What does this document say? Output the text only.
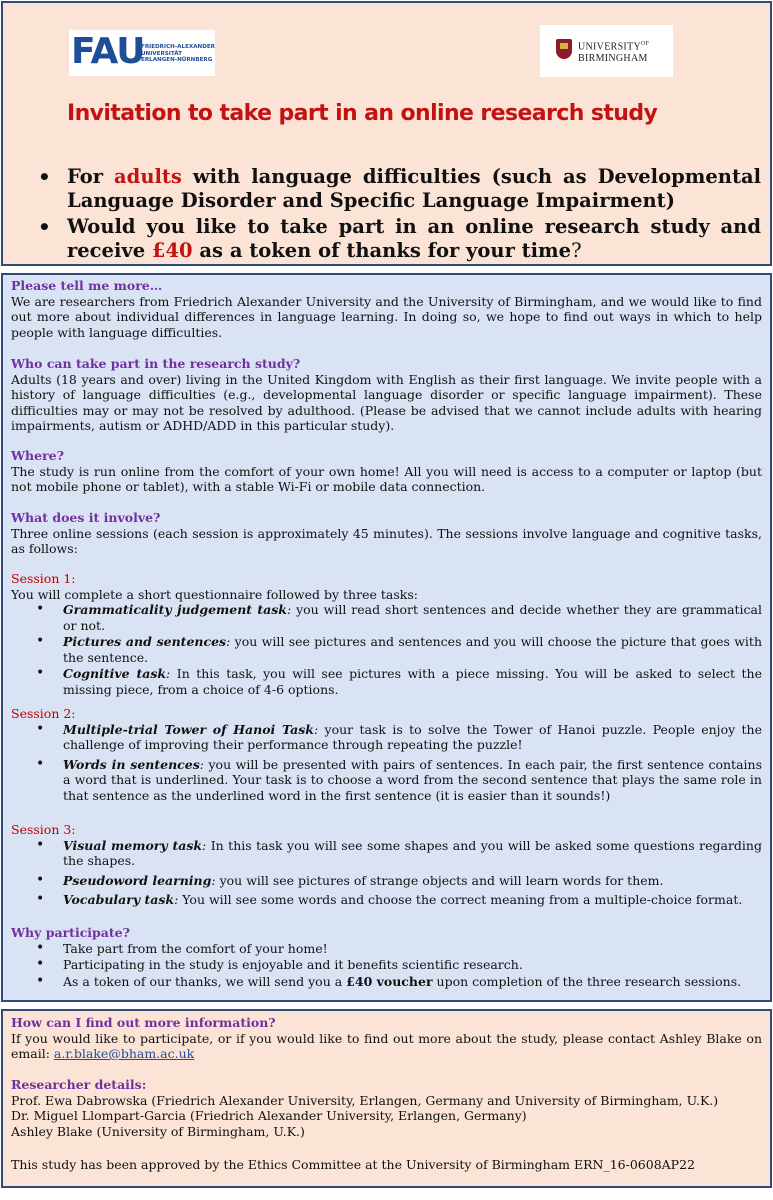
FAU
FRIEDRICH-ALEXANDER
UNIVERSITÄT
ERLANGEN-NÜRNBERG
$UNIVERSITY^{OF}$
BIRMINGHAM
Invitation to take part in an online research study
• For adults with language difficulties (such as Developmental Language Disorder and Specific Language Impairment)
• Would you like to take part in an online research study and receive £40 as a token of thanks for your time?
Please tell me more…

We are researchers from Friedrich Alexander University and the University of Birmingham, and we would like to find out more about individual differences in language learning. In doing so, we hope to find out ways in which to help people with language difficulties.

Who can take part in the research study?

Adults (18 years and over) living in the United Kingdom with English as their first language. We invite people with a history of language difficulties (e.g., developmental language disorder or specific language impairment). These difficulties may or may not be resolved by adulthood. (Please be advised that we cannot include adults with hearing impairments, autism or ADHD/ADD in this particular study).

Where?

The study is run online from the comfort of your own home! All you will need is access to a computer or laptop (but not mobile phone or tablet), with a stable Wi-Fi or mobile data connection.

What does it involve?

Three online sessions (each session is approximately 45 minutes). The sessions involve language and cognitive tasks, as follows:

Session 1:

You will complete a short questionnaire followed by three tasks:

• Grammaticality judgement task: you will read short sentences and decide whether they are grammatical or not.
• Pictures and sentences: you will see pictures and sentences and you will choose the picture that goes with the sentence.
• Cognitive task: In this task, you will see pictures with a piece missing. You will be asked to select the missing piece, from a choice of 4-6 options.
Session 2:
• Multiple-trial Tower of Hanoi Task: your task is to solve the Tower of Hanoi puzzle. People enjoy the challenge of improving their performance through repeating the puzzle!
• Words in sentences: you will be presented with pairs of sentences. In each pair, the first sentence contains a word that is underlined. Your task is to choose a word from the second sentence that plays the same role in that sentence as the underlined word in the first sentence (it is easier than it sounds!)
Session 3:
• Visual memory task: In this task you will see some shapes and you will be asked some questions regarding the shapes.
• Pseudoword learning: you will see pictures of strange objects and will learn words for them.
• Vocabulary task: You will see some words and choose the correct meaning from a multiple-choice format.
Why participate?
• Take part from the comfort of your home!
• Participating in the study is enjoyable and it benefits scientific research.
• As a token of our thanks, we will send you a £40 voucher upon completion of the three research sessions.
How can I find out more information?

If you would like to participate, or if you would like to find out more about the study, please contact Ashley Blake on email: a.r.blake@bham.ac.uk

Researcher details:
Prof. Ewa Dabrowska (Friedrich Alexander University, Erlangen, Germany and University of Birmingham, U.K.)
Dr. Miguel Llompart-Garcia (Friedrich Alexander University, Erlangen, Germany)
Ashley Blake (University of Birmingham, U.K.)
This study has been approved by the Ethics Committee at the University of Birmingham ERN_16-0608AP22
